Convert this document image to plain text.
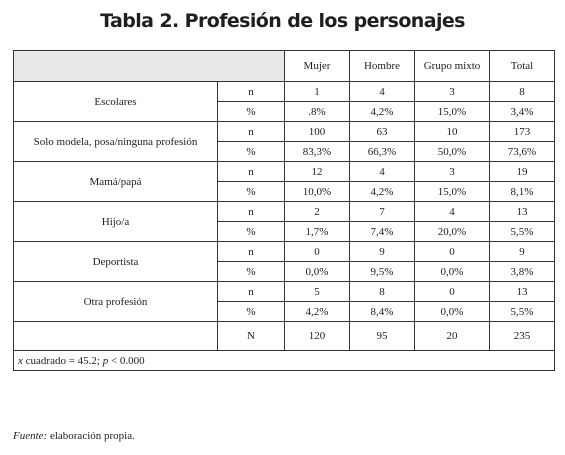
Tabla 2. Profesión de los personajes
		Mujer	Hombre	Grupo mixto	Total
Escolares	n	1	4	3	8
	%	.8%	4,2%	15,0%	3,4%
Solo modela, posa/ninguna profesión	n	100	63	10	173
	%	83,3%	66,3%	50,0%	73,6%
Mamá/papá	n	12	4	3	19
	%	10,0%	4,2%	15,0%	8,1%
Hijo/a	n	2	7	4	13
	%	1,7%	7,4%	20,0%	5,5%
Deportista	n	0	9	0	9
	%	0,0%	9,5%	0,0%	3,8%
Otra profesión	n	5	8	0	13
	%	4,2%	8,4%	0,0%	5,5%
	N	120	95	20	235
x cuadrado = 45.2; p < 0.000					
Fuente: elaboración propia.
